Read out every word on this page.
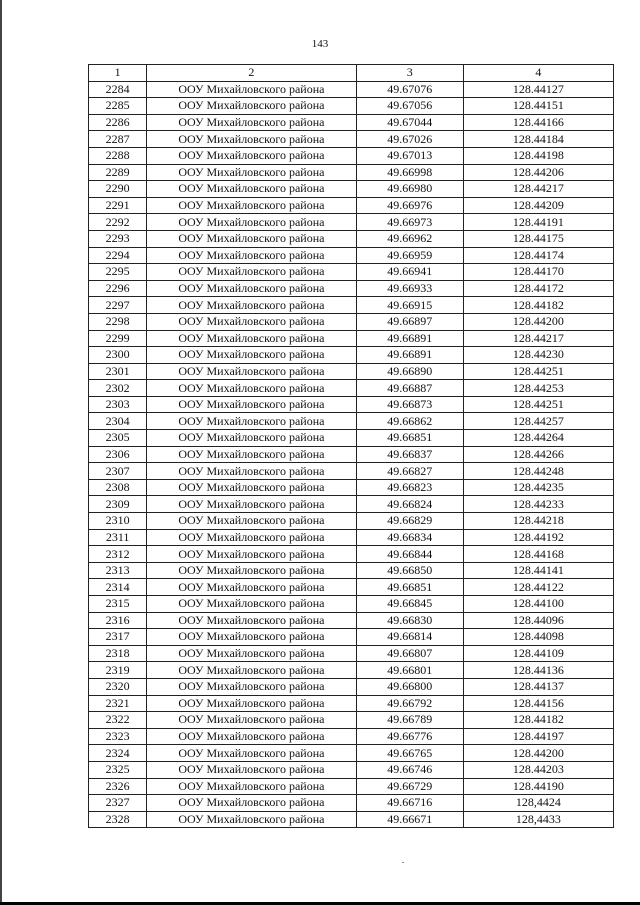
143
1	2	3	4
2284	ООУ Михайловского района	49.67076	128.44127
2285	ООУ Михайловского района	49.67056	128.44151
2286	ООУ Михайловского района	49.67044	128.44166
2287	ООУ Михайловского района	49.67026	128.44184
2288	ООУ Михайловского района	49.67013	128.44198
2289	ООУ Михайловского района	49.66998	128.44206
2290	ООУ Михайловского района	49.66980	128.44217
2291	ООУ Михайловского района	49.66976	128.44209
2292	ООУ Михайловского района	49.66973	128.44191
2293	ООУ Михайловского района	49.66962	128.44175
2294	ООУ Михайловского района	49.66959	128.44174
2295	ООУ Михайловского района	49.66941	128.44170
2296	ООУ Михайловского района	49.66933	128.44172
2297	ООУ Михайловского района	49.66915	128.44182
2298	ООУ Михайловского района	49.66897	128.44200
2299	ООУ Михайловского района	49.66891	128.44217
2300	ООУ Михайловского района	49.66891	128.44230
2301	ООУ Михайловского района	49.66890	128.44251
2302	ООУ Михайловского района	49.66887	128.44253
2303	ООУ Михайловского района	49.66873	128.44251
2304	ООУ Михайловского района	49.66862	128.44257
2305	ООУ Михайловского района	49.66851	128.44264
2306	ООУ Михайловского района	49.66837	128.44266
2307	ООУ Михайловского района	49.66827	128.44248
2308	ООУ Михайловского района	49.66823	128.44235
2309	ООУ Михайловского района	49.66824	128.44233
2310	ООУ Михайловского района	49.66829	128.44218
2311	ООУ Михайловского района	49.66834	128.44192
2312	ООУ Михайловского района	49.66844	128.44168
2313	ООУ Михайловского района	49.66850	128.44141
2314	ООУ Михайловского района	49.66851	128.44122
2315	ООУ Михайловского района	49.66845	128.44100
2316	ООУ Михайловского района	49.66830	128.44096
2317	ООУ Михайловского района	49.66814	128.44098
2318	ООУ Михайловского района	49.66807	128.44109
2319	ООУ Михайловского района	49.66801	128.44136
2320	ООУ Михайловского района	49.66800	128.44137
2321	ООУ Михайловского района	49.66792	128.44156
2322	ООУ Михайловского района	49.66789	128.44182
2323	ООУ Михайловского района	49.66776	128.44197
2324	ООУ Михайловского района	49.66765	128.44200
2325	ООУ Михайловского района	49.66746	128.44203
2326	ООУ Михайловского района	49.66729	128.44190
2327	ООУ Михайловского района	49.66716	128,4424
2328	ООУ Михайловского района	49.66671	128,4433
